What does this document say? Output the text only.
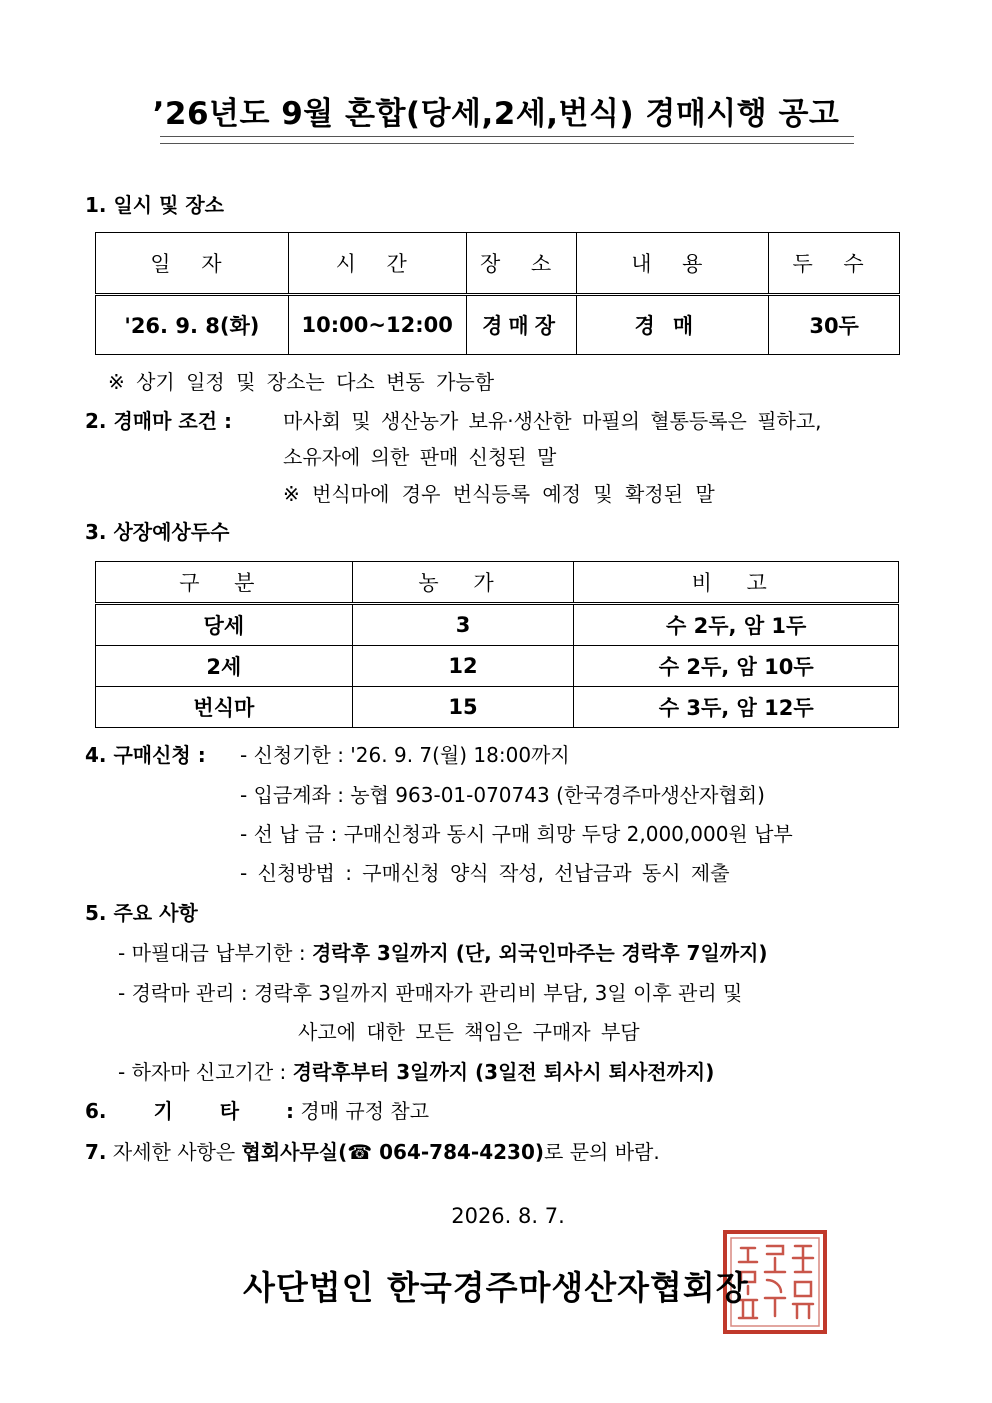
’26년도 9월 혼합(당세,2세,번식) 경매시행 공고
1. 일시 및 장소
일 자	시 간	장 소	내 용	두 수
'26. 9. 8(화)	10:00~12:00	경매장	경매	30두
※ 상기 일정 및 장소는 다소 변동 가능함
2. 경매마 조건 :	마사회 및 생산농가 보유·생산한 마필의 혈통등록은 필하고,
소유자에 의한 판매 신청된 말
※ 번식마에 경우 번식등록 예정 및 확정된 말
3. 상장예상두수
구 분	농 가	비 고
당세	3	수 2두, 암 1두
2세	12	수 2두, 암 10두
번식마	15	수 3두, 암 12두
4. 구매신청 : - 신청기한 : '26. 9. 7(월) 18:00까지
- 입금계좌 : 농협 963-01-070743 (한국경주마생산자협회)
- 선 납 금 : 구매신청과 동시 구매 희망 두당 2,000,000원 납부
- 신청방법 : 구매신청 양식 작성, 선납금과 동시 제출
5. 주요 사항
- 마필대금 납부기한 : 경락후 3일까지 (단, 외국인마주는 경락후 7일까지)
- 경락마 관리 : 경락후 3일까지 판매자가 관리비 부담, 3일 이후 관리 및
사고에 대한 모든 책임은 구매자 부담
- 하자마 신고기간 : 경락후부터 3일까지 (3일전 퇴사시 퇴사전까지)
6. 기 타 : 경매 규정 참고
7. 자세한 사항은 협회사무실(☎ 064-784-4230)로 문의 바람.
2026. 8. 7.
사단법인 한국경주마생산자협회장
